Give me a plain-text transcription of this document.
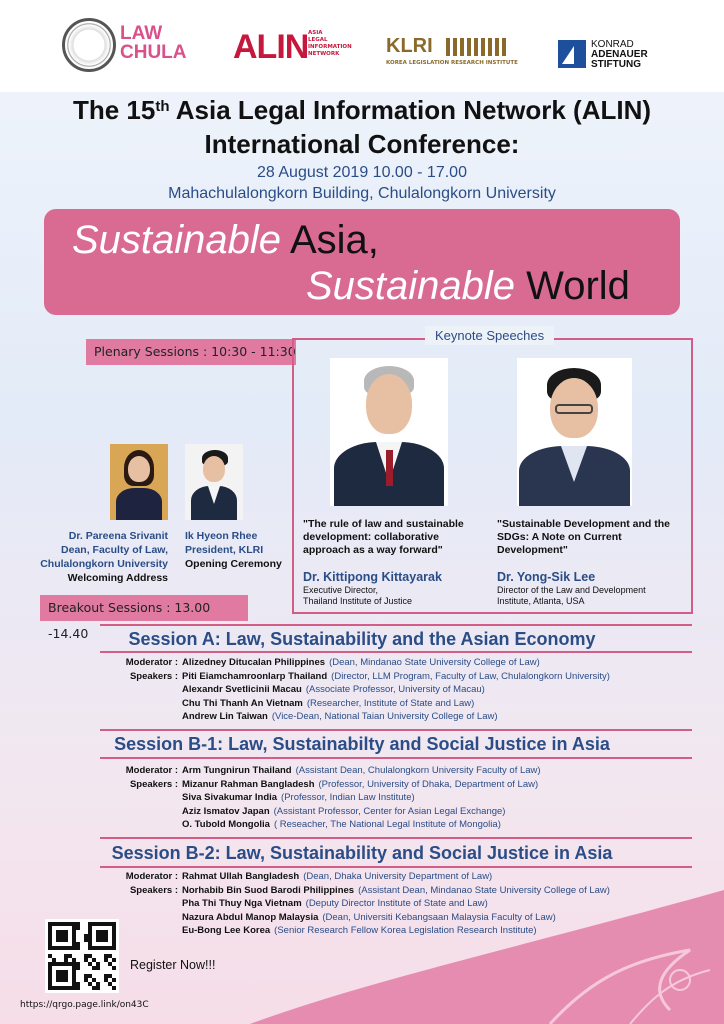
LAW
CHULA ALIN ASIA
LEGAL
INFORMATION
NETWORK	KLRI
KOREA LEGISLATION RESEARCH INSTITUTE
KONRAD
ADENAUER
STIFTUNG
The 15th Asia Legal Information Network (ALIN)
International Conference:
28 August 2019 10.00 - 17.00
Mahachulalongkorn Building, Chulalongkorn University
Sustainable Asia,
Sustainable World
Plenary Sessions : 10:30 - 11:30
Keynote Speeches
Dr. Pareena Srivanit
Dean, Faculty of Law,
Chulalongkorn University
Welcoming Address
Ik Hyeon Rhee
President, KLRI
Opening Ceremony
"The rule of law and sustainable development: collaborative approach as a way forward"
Dr. Kittipong Kittayarak
Executive Director,
Thailand Institute of Justice
"Sustainable Development and the SDGs: A Note on Current Development"
Dr. Yong-Sik Lee
Director of the Law and Development
Institute, Atlanta, USA
Breakout Sessions : 13.00 -14.40	Session A: Law, Sustainability and the Asian Economy
Moderator : Alizedney Ditucalan Philippines (Dean, Mindanao State University College of Law)
Speakers : Piti Eiamchamroonlarp Thailand (Director, LLM Program, Faculty of Law, Chulalongkorn University)
Alexandr Svetlicinii Macau (Associate Professor, University of Macau)
Chu Thi Thanh An Vietnam (Researcher, Institute of State and Law)
Andrew Lin Taiwan (Vice-Dean, National Taian University College of Law)
Session B-1: Law, Sustainabilty and Social Justice in Asia
Moderator : Arm Tungnirun Thailand (Assistant Dean, Chulalongkorn University Faculty of Law)
Speakers : Mizanur Rahman Bangladesh (Professor, University of Dhaka, Department of Law)
Siva Sivakumar India (Professor, Indian Law Institute)
Aziz Ismatov Japan (Assistant Professor, Center for Asian Legal Exchange)
O. Tubold Mongolia ( Reseacher, The National Legal Institute of Mongolia)
Session B-2: Law, Sustainability and Social Justice in Asia
Moderator : Rahmat Ullah Bangladesh (Dean, Dhaka University Department of Law)
Speakers : Norhabib Bin Suod Barodi Philippines (Assistant Dean, Mindanao State University College of Law)
Pha Thi Thuy Nga Vietnam (Deputy Director Institute of State and Law)
Nazura Abdul Manop Malaysia (Dean, Universiti Kebangsaan Malaysia Faculty of Law)
Eu-Bong Lee Korea (Senior Research Fellow Korea Legislation Research Institute)
Register Now!!!
https://qrgo.page.link/on43C
